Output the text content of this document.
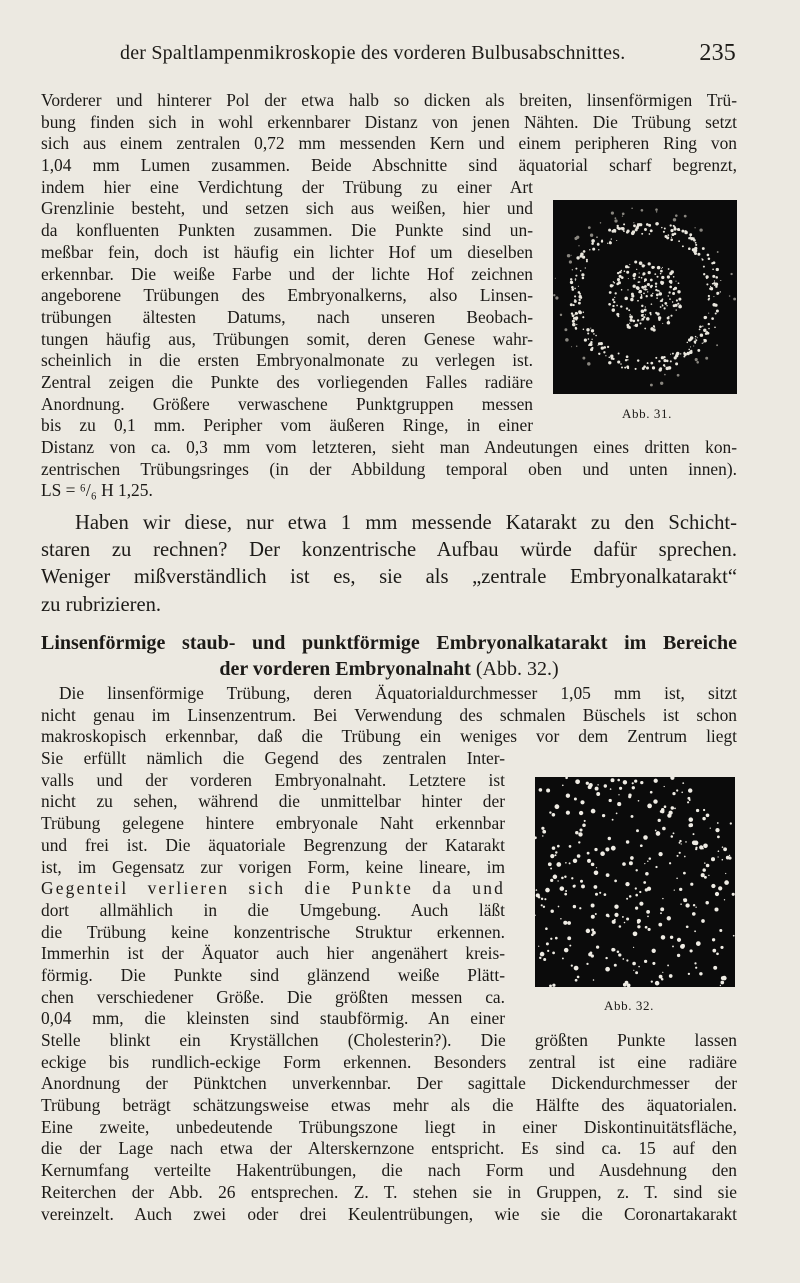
der Spaltlampenmikroskopie des vorderen Bulbusabschnittes.	235
Vorderer und hinterer Pol der etwa halb so dicken als breiten, linsenförmigen Trü-
bung finden sich in wohl erkennbarer Distanz von jenen Nähten. Die Trübung setzt
sich aus einem zentralen 0,72 mm messenden Kern und einem peripheren Ring von
1,04 mm Lumen zusammen. Beide Abschnitte sind äquatorial scharf begrenzt,
indem hier eine Verdichtung der Trübung zu einer Art
Grenzlinie besteht, und setzen sich aus weißen, hier und
da konfluenten Punkten zusammen. Die Punkte sind un-
meßbar fein, doch ist häufig ein lichter Hof um dieselben
erkennbar. Die weiße Farbe und der lichte Hof zeichnen
angeborene Trübungen des Embryonalkerns, also Linsen-
trübungen ältesten Datums, nach unseren Beobach-
tungen häufig aus, Trübungen somit, deren Genese wahr-
scheinlich in die ersten Embryonalmonate zu verlegen ist.
Zentral zeigen die Punkte des vorliegenden Falles radiäre
Anordnung. Größere verwaschene Punktgruppen messen
bis zu 0,1 mm. Peripher vom äußeren Ringe, in einer
Distanz von ca. 0,3 mm vom letzteren, sieht man Andeutungen eines dritten kon-
zentrischen Trübungsringes (in der Abbildung temporal oben und unten innen).
LS = ⁶/₆ H 1,25.
Abb. 31.
Haben wir diese, nur etwa 1 mm messende Katarakt zu den Schicht-
staren zu rechnen? Der konzentrische Aufbau würde dafür sprechen.
Weniger mißverständlich ist es, sie als „zentrale Embryonalkatarakt“
zu rubrizieren.
Linsenförmige staub- und punktförmige Embryonalkatarakt im Bereiche
der vorderen Embryonalnaht (Abb. 32.)
Die linsenförmige Trübung, deren Äquatorialdurchmesser 1,05 mm ist, sitzt
nicht genau im Linsenzentrum. Bei Verwendung des schmalen Büschels ist schon
makroskopisch erkennbar, daß die Trübung ein weniges vor dem Zentrum liegt
Sie erfüllt nämlich die Gegend des zentralen Inter-
valls und der vorderen Embryonalnaht. Letztere ist
nicht zu sehen, während die unmittelbar hinter der
Trübung gelegene hintere embryonale Naht erkennbar
und frei ist. Die äquatoriale Begrenzung der Katarakt
ist, im Gegensatz zur vorigen Form, keine lineare, im
Gegenteil verlieren sich die Punkte da und
dort allmählich in die Umgebung. Auch läßt
die Trübung keine konzentrische Struktur erkennen.
Immerhin ist der Äquator auch hier angenähert kreis-
förmig. Die Punkte sind glänzend weiße Plätt-
chen verschiedener Größe. Die größten messen ca.
0,04 mm, die kleinsten sind staubförmig. An einer
Stelle blinkt ein Kryställchen (Cholesterin?). Die größten Punkte lassen
eckige bis rundlich-eckige Form erkennen. Besonders zentral ist eine radiäre
Anordnung der Pünktchen unverkennbar. Der sagittale Dickendurchmesser der
Trübung beträgt schätzungsweise etwas mehr als die Hälfte des äquatorialen.
Eine zweite, unbedeutende Trübungszone liegt in einer Diskontinuitätsfläche,
die der Lage nach etwa der Alterskernzone entspricht. Es sind ca. 15 auf den
Kernumfang verteilte Hakentrübungen, die nach Form und Ausdehnung den
Reiterchen der Abb. 26 entsprechen. Z. T. stehen sie in Gruppen, z. T. sind sie
vereinzelt. Auch zwei oder drei Keulentrübungen, wie sie die Coronartakarakt
Abb. 32.
